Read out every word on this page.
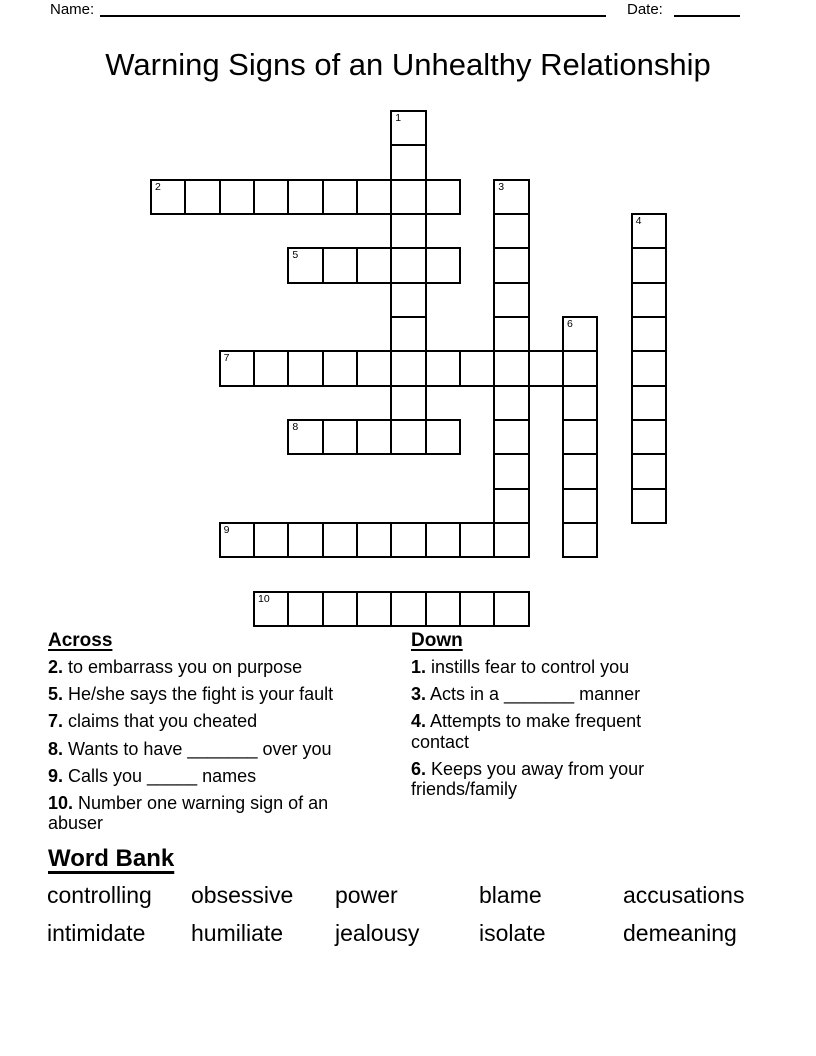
Name:	Date:
Warning Signs of an Unhealthy Relationship
1
2	3
4
5
6
7
8
9
10
Across

2. to embarrass you on purpose

5. He/she says the fight is your fault

7. claims that you cheated

8. Wants to have _______ over you

9. Calls you _____ names

10. Number one warning sign of an abuser

Down

1. instills fear to control you

3. Acts in a _______ manner

4. Attempts to make frequent contact

6. Keeps you away from your friends/family

Word Bank
controlling	obsessive	power	blame	accusations
intimidate	humiliate	jealousy	isolate	demeaning
